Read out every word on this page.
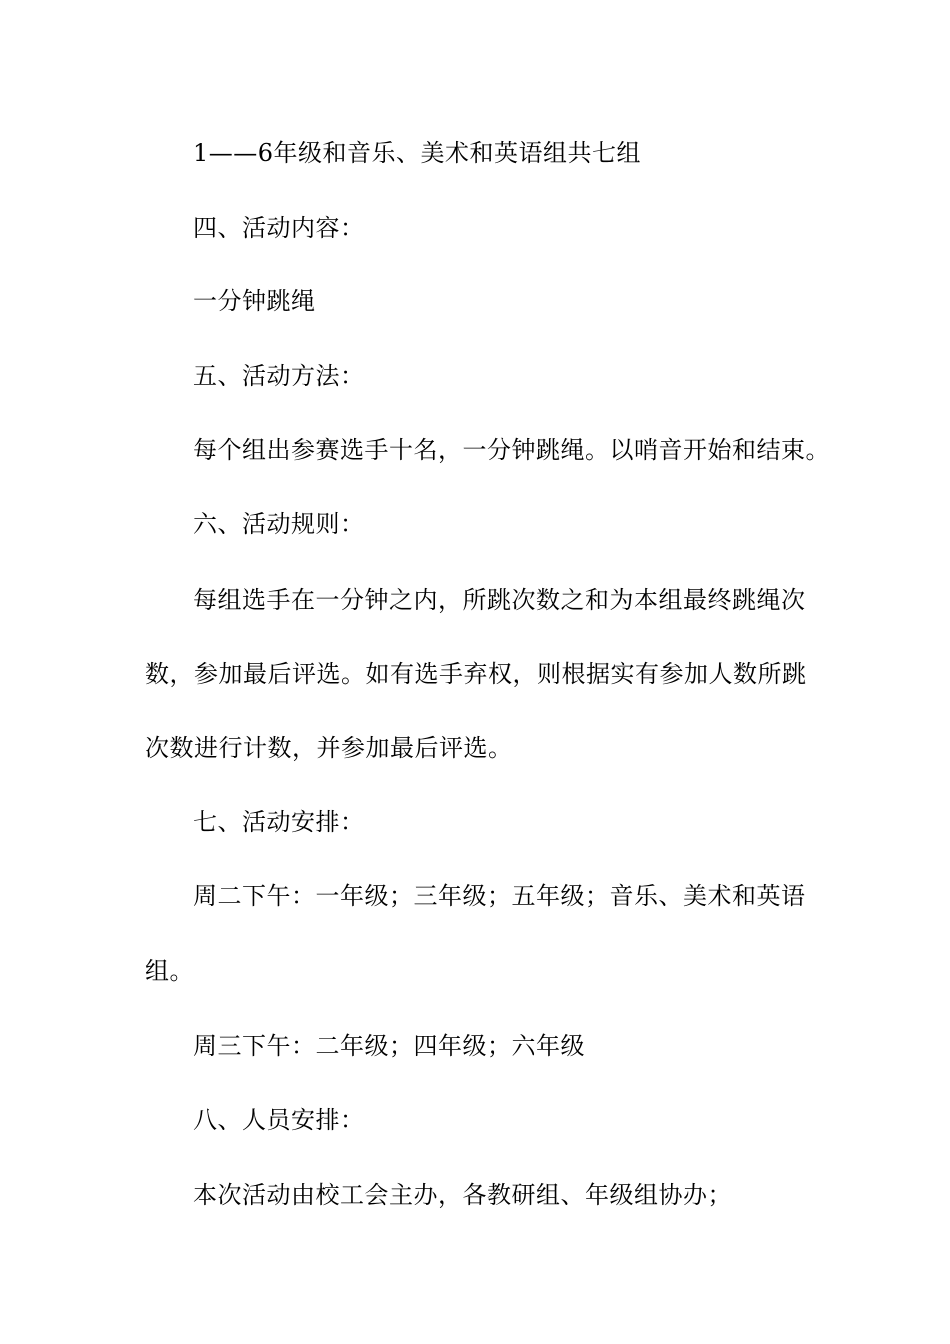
1——6年级和音乐、美术和英语组共七组
四、活动内容：
一分钟跳绳
五、活动方法：
每个组出参赛选手十名，一分钟跳绳。以哨音开始和结束。
六、活动规则：
每组选手在一分钟之内，所跳次数之和为本组最终跳绳次
数，参加最后评选。如有选手弃权，则根据实有参加人数所跳
次数进行计数，并参加最后评选。
七、活动安排：
周二下午：一年级；三年级；五年级；音乐、美术和英语
组。
周三下午：二年级；四年级；六年级
八、人员安排：
本次活动由校工会主办，各教研组、年级组协办；
